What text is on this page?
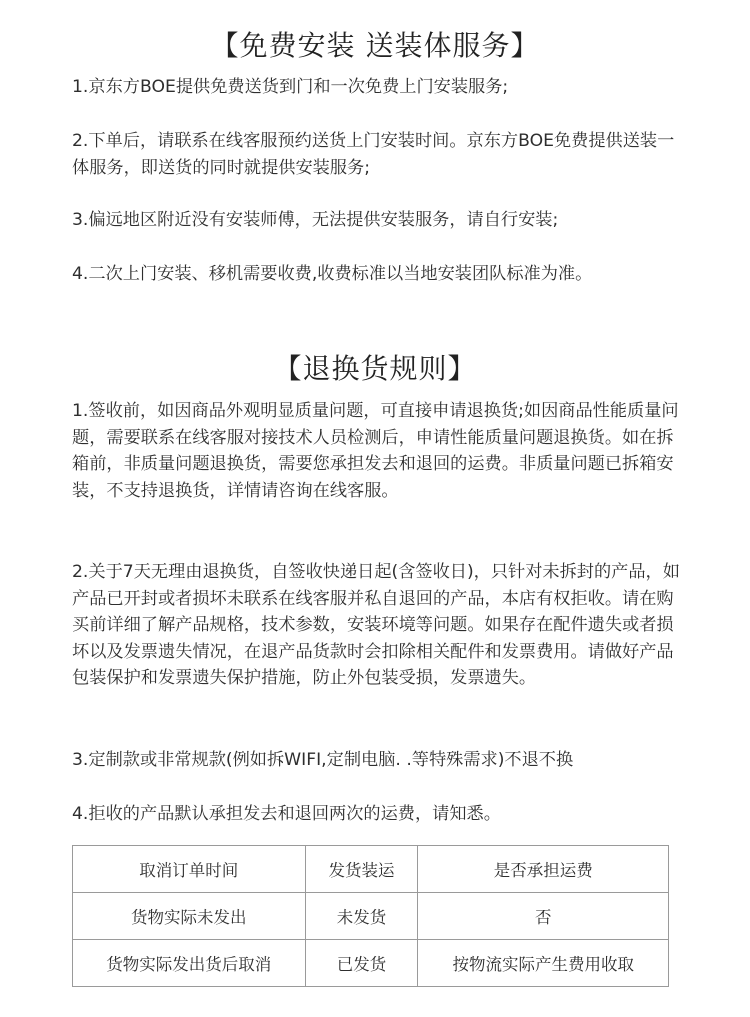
【免费安装 送装体服务】

1.京东方BOE提供免费送货到门和一次免费上门安装服务;

2.下单后，请联系在线客服预约送货上门安装时间。京东方BOE免费提供送装一体服务，即送货的同时就提供安装服务;

3.偏远地区附近没有安装师傅，无法提供安装服务，请自行安装;

4.二次上门安装、移机需要收费,收费标准以当地安装团队标准为准。

【退换货规则】

1.签收前，如因商品外观明显质量问题，可直接申请退换货;如因商品性能质量问题，需要联系在线客服对接技术人员检测后，申请性能质量问题退换货。如在拆箱前，非质量问题退换货，需要您承担发去和退回的运费。非质量问题已拆箱安装，不支持退换货，详情请咨询在线客服。

2.关于7天无理由退换货，自签收快递日起(含签收日)，只针对未拆封的产品，如产品已开封或者损坏未联系在线客服并私自退回的产品，本店有权拒收。请在购买前详细了解产品规格，技术参数，安装环境等问题。如果存在配件遗失或者损坏以及发票遗失情况，在退产品货款时会扣除相关配件和发票费用。请做好产品包装保护和发票遗失保护措施，防止外包装受损，发票遗失。

3.定制款或非常规款(例如拆WIFI,定制电脑. .等特殊需求)不退不换

4.拒收的产品默认承担发去和退回两次的运费，请知悉。

取消订单时间	发货装运	是否承担运费
货物实际未发出	未发货	否
货物实际发出货后取消	已发货	按物流实际产生费用收取
